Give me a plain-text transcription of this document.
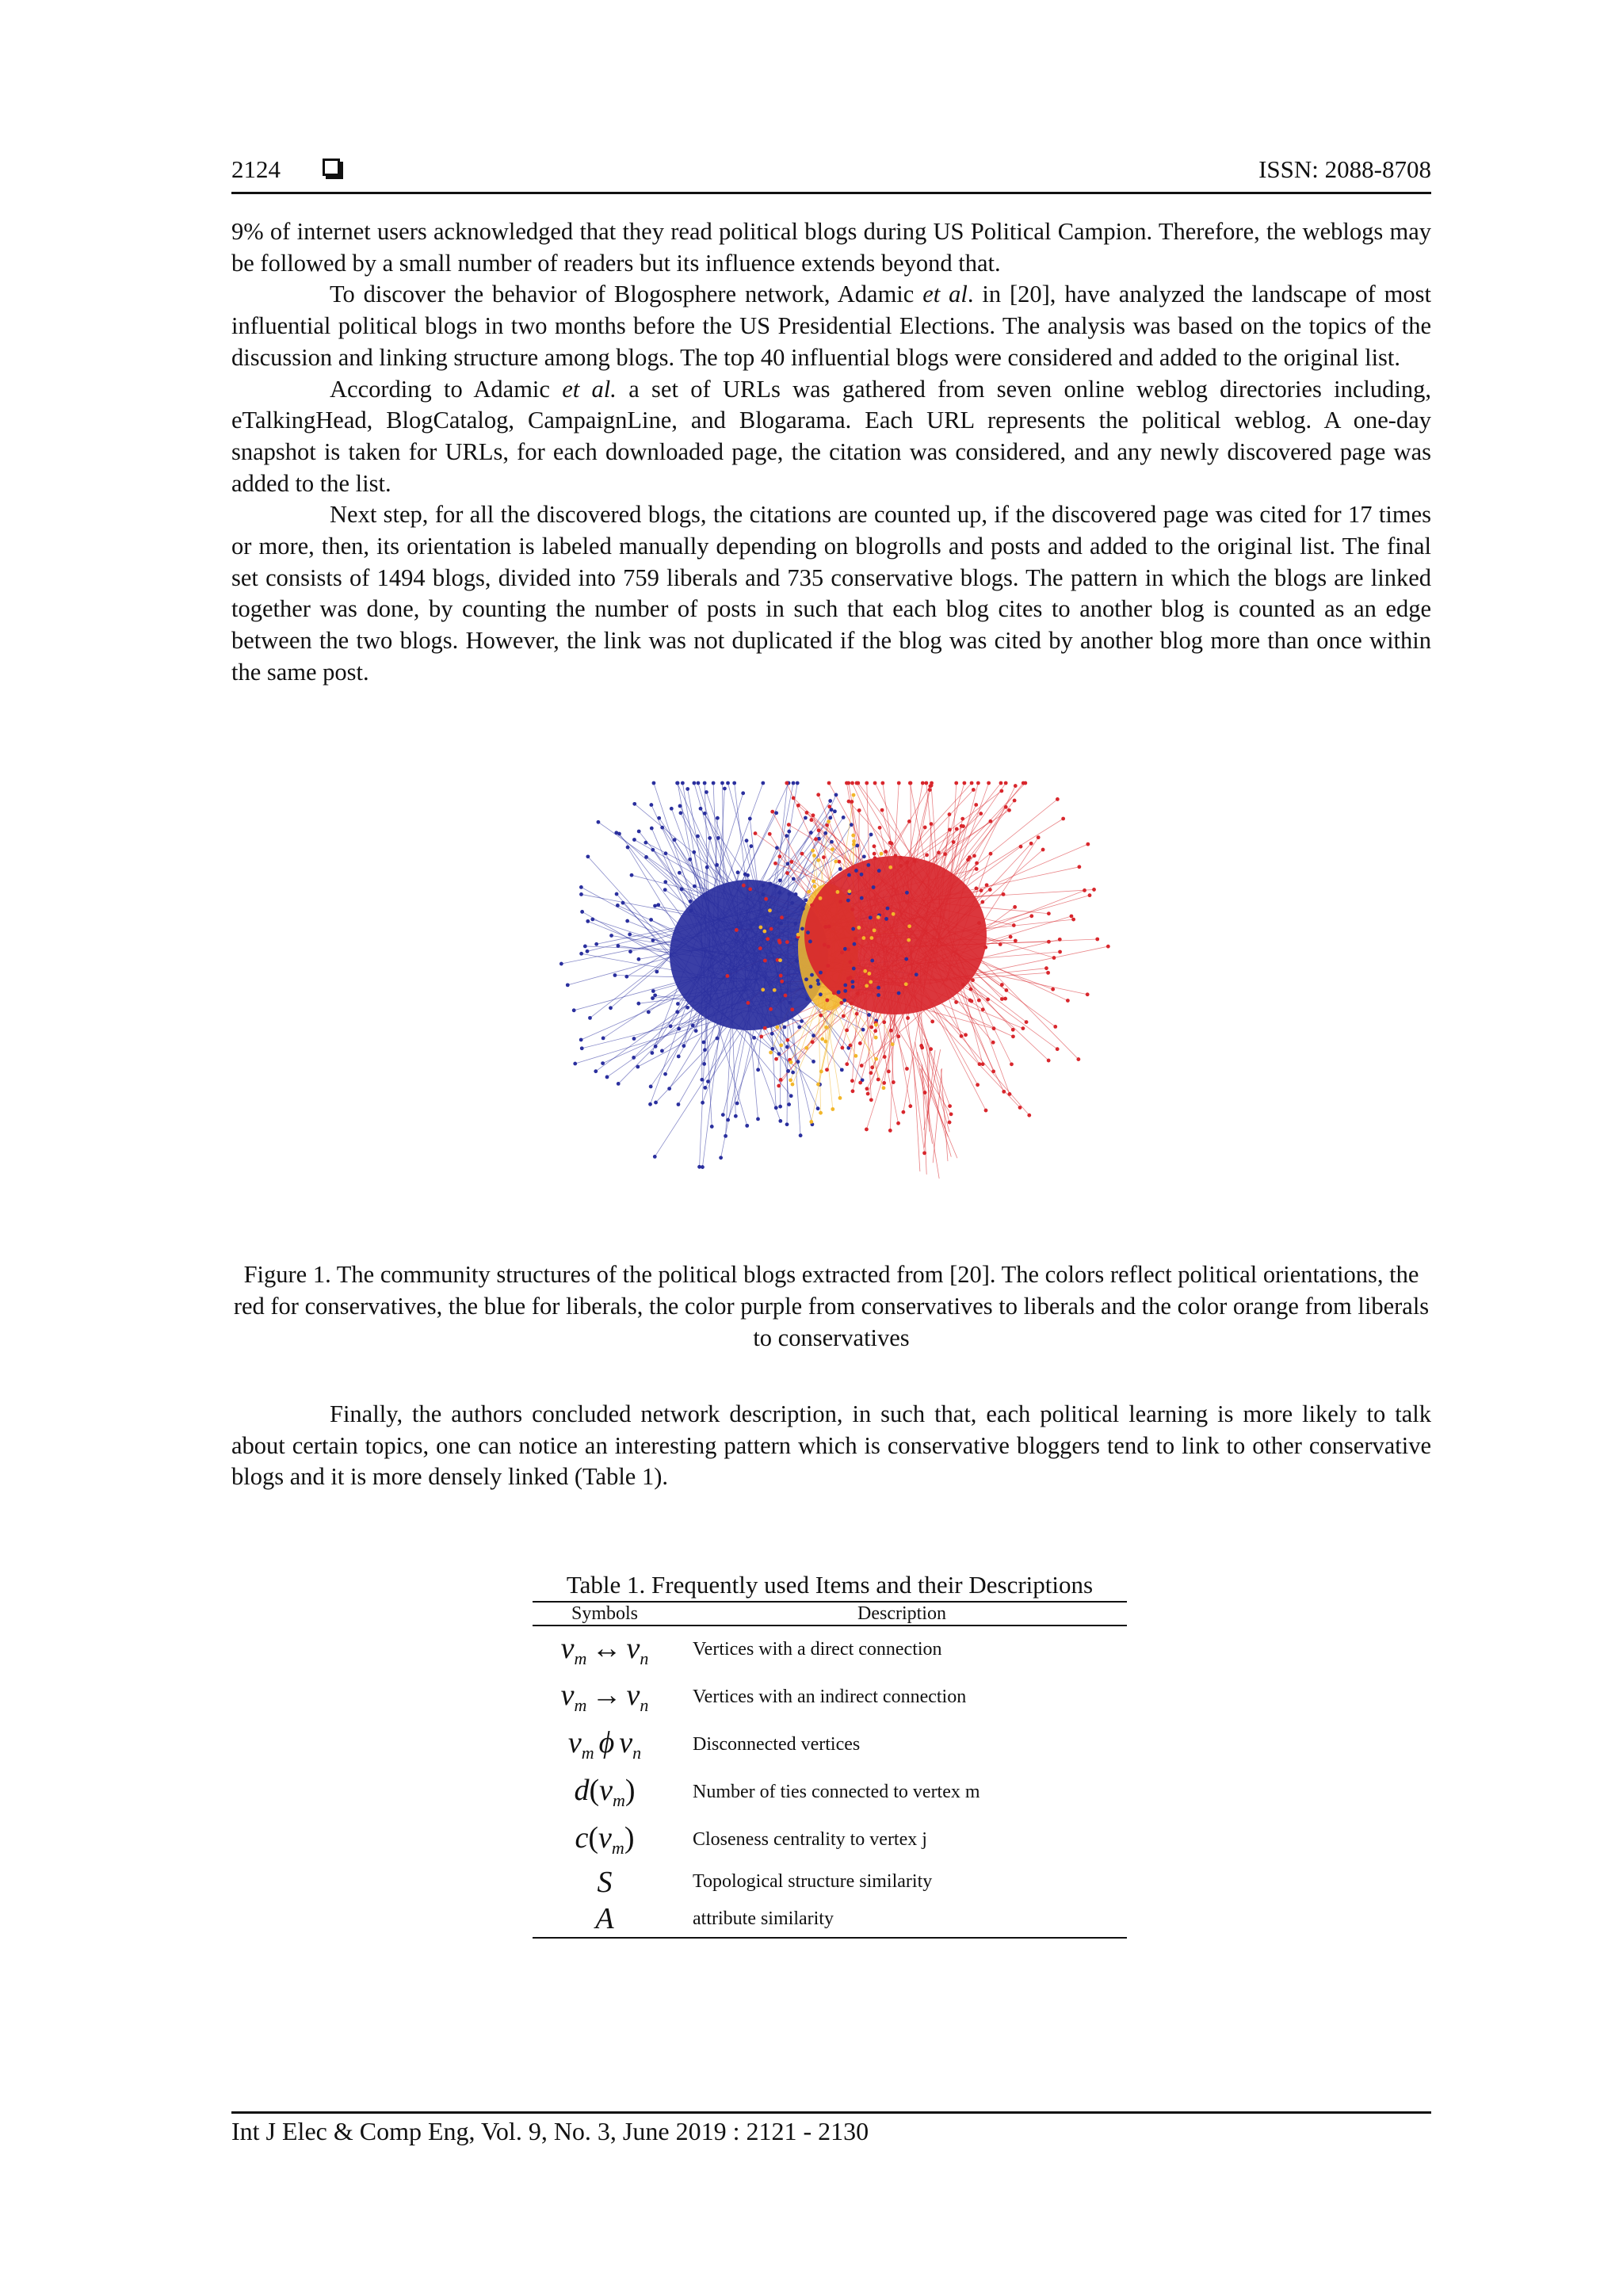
2124	ISSN: 2088-8708

9% of internet users acknowledged that they read political blogs during US Political Campion. Therefore, the weblogs may be followed by a small number of readers but its influence extends beyond that.

To discover the behavior of Blogosphere network, Adamic et al. in [20], have analyzed the landscape of most influential political blogs in two months before the US Presidential Elections. The analysis was based on the topics of the discussion and linking structure among blogs. The top 40 influential blogs were considered and added to the original list.

According to Adamic et al. a set of URLs was gathered from seven online weblog directories including, eTalkingHead, BlogCatalog, CampaignLine, and Blogarama. Each URL represents the political weblog. A one-day snapshot is taken for URLs, for each downloaded page, the citation was considered, and any newly discovered page was added to the list.

Next step, for all the discovered blogs, the citations are counted up, if the discovered page was cited for 17 times or more, then, its orientation is labeled manually depending on blogrolls and posts and added to the original list. The final set consists of 1494 blogs, divided into 759 liberals and 735 conservative blogs. The pattern in which the blogs are linked together was done, by counting the number of posts in such that each blog cites to another blog is counted as an edge between the two blogs. However, the link was not duplicated if the blog was cited by another blog more than once within the same post.

Figure 1. The community structures of the political blogs extracted from [20]. The colors reflect political orientations, the red for conservatives, the blue for liberals, the color purple from conservatives to liberals and the color orange from liberals to conservatives

Finally, the authors concluded network description, in such that, each political learning is more likely to talk about certain topics, one can notice an interesting pattern which is conservative bloggers tend to link to other conservative blogs and it is more densely linked (Table 1).

Table 1. Frequently used Items and their Descriptions
Symbols	Description
$v_m$ ↔ $v_n$	Vertices with a direct connection
$v_m \to v_n$	Vertices with an indirect connection
$v_m$ ϕ $v_n$	Disconnected vertices
$d(v_m)$	Number of ties connected to vertex m
$c(v_m)$	Closeness centrality to vertex j
S	Topological structure similarity
A	attribute similarity
Int J Elec & Comp Eng, Vol. 9, No. 3, June 2019 : 2121 - 2130
